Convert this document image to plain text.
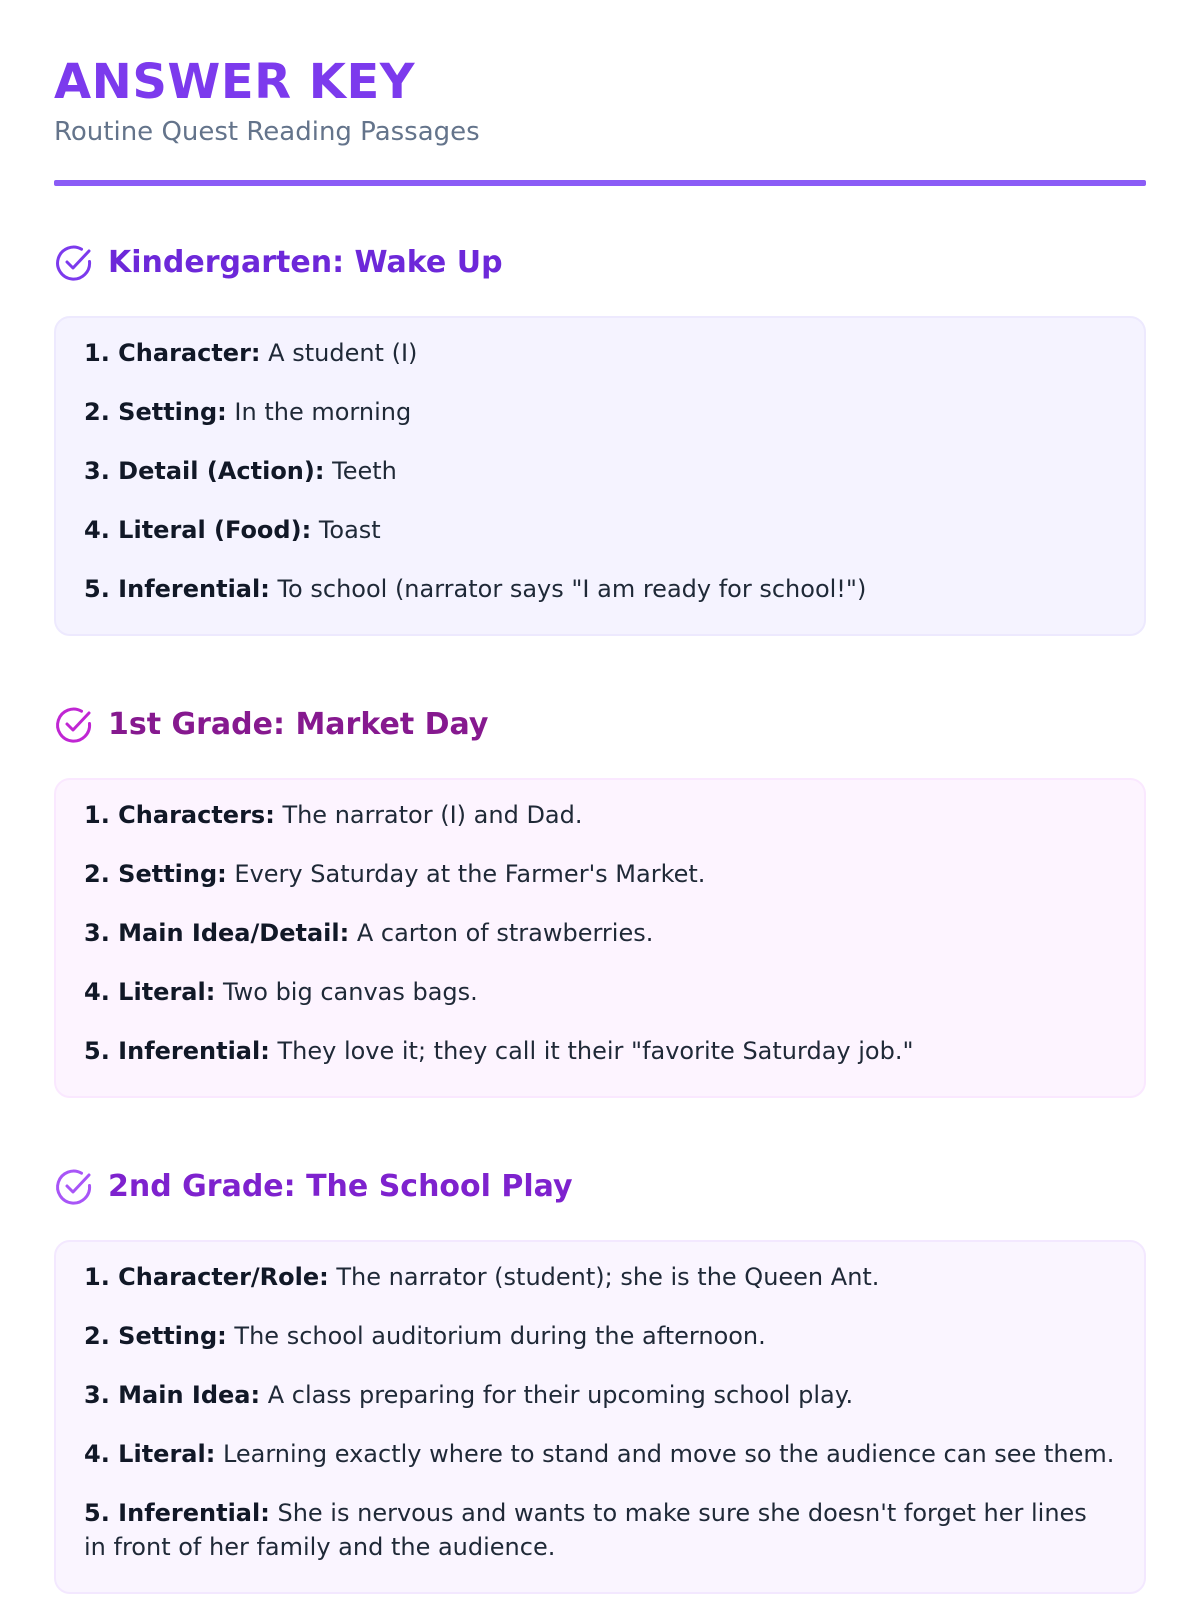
ANSWER KEY
Routine Quest Reading Passages
Kindergarten: Wake Up

1. Character: A student (I)

2. Setting: In the morning

3. Detail (Action): Teeth

4. Literal (Food): Toast

5. Inferential: To school (narrator says "I am ready for school!")

1st Grade: Market Day

1. Characters: The narrator (I) and Dad.

2. Setting: Every Saturday at the Farmer's Market.

3. Main Idea/Detail: A carton of strawberries.

4. Literal: Two big canvas bags.

5. Inferential: They love it; they call it their "favorite Saturday job."

2nd Grade: The School Play

1. Character/Role: The narrator (student); she is the Queen Ant.

2. Setting: The school auditorium during the afternoon.

3. Main Idea: A class preparing for their upcoming school play.

4. Literal: Learning exactly where to stand and move so the audience can see them.

5. Inferential: She is nervous and wants to make sure she doesn't forget her lines in front of her family and the audience.
